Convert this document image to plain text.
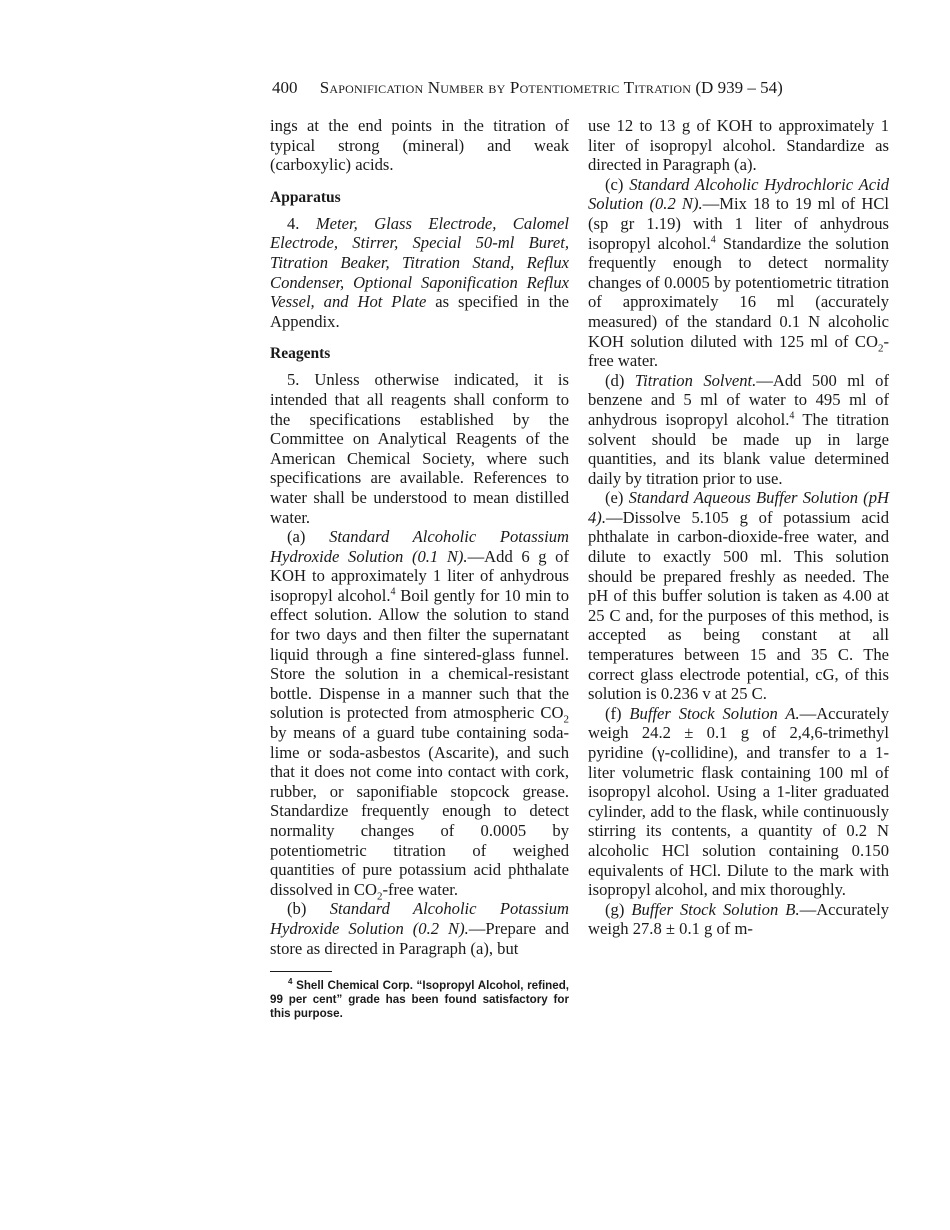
400 Saponification Number by Potentiometric Titration (D 939 – 54)

ings at the end points in the titration of typical strong (mineral) and weak (carboxylic) acids.

Apparatus

4. Meter, Glass Electrode, Calomel Electrode, Stirrer, Special 50-ml Buret, Titration Beaker, Titration Stand, Reflux Condenser, Optional Saponification Reflux Vessel, and Hot Plate as specified in the Appendix.

Reagents

5. Unless otherwise indicated, it is intended that all reagents shall conform to the specifications established by the Committee on Analytical Reagents of the American Chemical Society, where such specifications are available. References to water shall be understood to mean distilled water.

(a) Standard Alcoholic Potassium Hydroxide Solution (0.1 N).—Add 6 g of KOH to approximately 1 liter of anhydrous isopropyl alcohol.$^4$ Boil gently for 10 min to effect solution. Allow the solution to stand for two days and then filter the supernatant liquid through a fine sintered-glass funnel. Store the solution in a chemical-resistant bottle. Dispense in a manner such that the solution is protected from atmospheric $CO_2$ by means of a guard tube containing soda-lime or soda-asbestos (Ascarite), and such that it does not come into contact with cork, rubber, or saponifiable stopcock grease. Standardize frequently enough to detect normality changes of 0.0005 by potentiometric titration of weighed quantities of pure potassium acid phthalate dissolved in $CO_2$-free water.

(b) Standard Alcoholic Potassium Hydroxide Solution (0.2 N).—Prepare and store as directed in Paragraph (a), but

$^4$ Shell Chemical Corp. “Isopropyl Alcohol, refined, 99 per cent” grade has been found satisfactory for this purpose.

use 12 to 13 g of KOH to approximately 1 liter of isopropyl alcohol. Standardize as directed in Paragraph (a).

(c) Standard Alcoholic Hydrochloric Acid Solution (0.2 N).—Mix 18 to 19 ml of HCl (sp gr 1.19) with 1 liter of anhydrous isopropyl alcohol.$^4$ Standardize the solution frequently enough to detect normality changes of 0.0005 by potentiometric titration of approximately 16 ml (accurately measured) of the standard 0.1 N alcoholic KOH solution diluted with 125 ml of $CO_2$-free water.

(d) Titration Solvent.—Add 500 ml of benzene and 5 ml of water to 495 ml of anhydrous isopropyl alcohol.$^4$ The titration solvent should be made up in large quantities, and its blank value determined daily by titration prior to use.

(e) Standard Aqueous Buffer Solution (pH 4).—Dissolve 5.105 g of potassium acid phthalate in carbon-dioxide-free water, and dilute to exactly 500 ml. This solution should be prepared freshly as needed. The pH of this buffer solution is taken as 4.00 at 25 C and, for the purposes of this method, is accepted as being constant at all temperatures between 15 and 35 C. The correct glass electrode potential, cG, of this solution is 0.236 v at 25 C.

(f) Buffer Stock Solution A.—Accurately weigh 24.2 ± 0.1 g of 2,4,6-trimethyl pyridine (γ-collidine), and transfer to a 1-liter volumetric flask containing 100 ml of isopropyl alcohol. Using a 1-liter graduated cylinder, add to the flask, while continuously stirring its contents, a quantity of 0.2 N alcoholic HCl solution containing 0.150 equivalents of HCl. Dilute to the mark with isopropyl alcohol, and mix thoroughly.

(g) Buffer Stock Solution B.—Accurately weigh 27.8 ± 0.1 g of m-
